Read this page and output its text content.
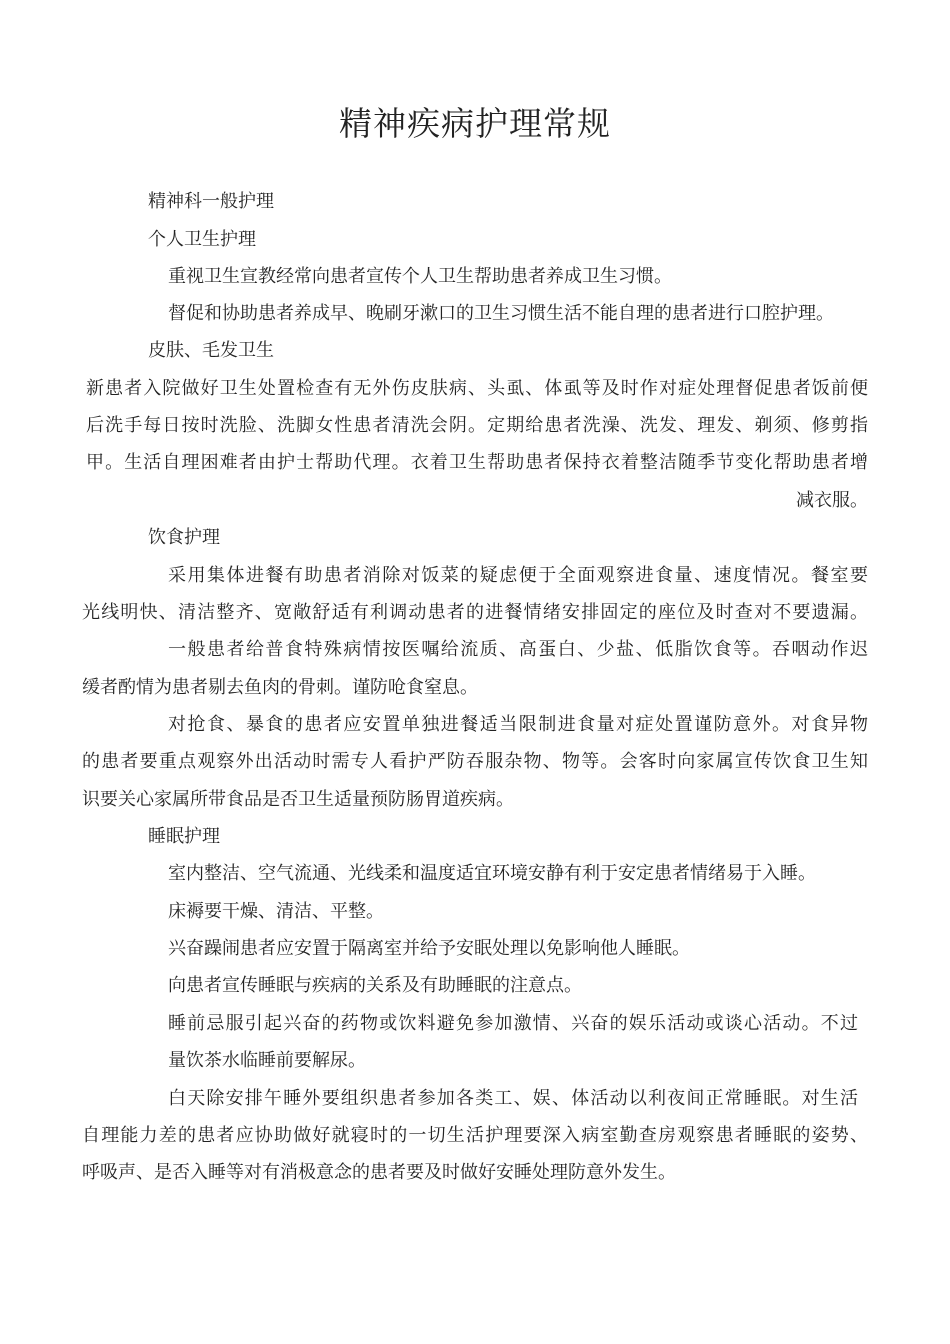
精神疾病护理常规
精神科一般护理
个人卫生护理
重视卫生宣教经常向患者宣传个人卫生帮助患者养成卫生习惯。
督促和协助患者养成早、晚刷牙漱口的卫生习惯生活不能自理的患者进行口腔护理。
皮肤、毛发卫生
新患者入院做好卫生处置检查有无外伤皮肤病、头虱、体虱等及时作对症处理督促患者饭前便
后洗手每日按时洗脸、洗脚女性患者清洗会阴。定期给患者洗澡、洗发、理发、剃须、修剪指
甲。生活自理困难者由护士帮助代理。衣着卫生帮助患者保持衣着整洁随季节变化帮助患者增
减衣服。
饮食护理
采用集体进餐有助患者消除对饭菜的疑虑便于全面观察进食量、速度情况。餐室要
光线明快、清洁整齐、宽敞舒适有利调动患者的进餐情绪安排固定的座位及时查对不要遗漏。
一般患者给普食特殊病情按医嘱给流质、高蛋白、少盐、低脂饮食等。吞咽动作迟
缓者酌情为患者剔去鱼肉的骨刺。谨防呛食窒息。
对抢食、暴食的患者应安置单独进餐适当限制进食量对症处置谨防意外。对食异物
的患者要重点观察外出活动时需专人看护严防吞服杂物、物等。会客时向家属宣传饮食卫生知
识要关心家属所带食品是否卫生适量预防肠胃道疾病。
睡眠护理
室内整洁、空气流通、光线柔和温度适宜环境安静有利于安定患者情绪易于入睡。
床褥要干燥、清洁、平整。
兴奋躁闹患者应安置于隔离室并给予安眠处理以免影响他人睡眠。
向患者宣传睡眠与疾病的关系及有助睡眠的注意点。
睡前忌服引起兴奋的药物或饮料避免参加激情、兴奋的娱乐活动或谈心活动。不过
量饮茶水临睡前要解尿。
白天除安排午睡外要组织患者参加各类工、娱、体活动以利夜间正常睡眠。对生活
自理能力差的患者应协助做好就寝时的一切生活护理要深入病室勤查房观察患者睡眠的姿势、
呼吸声、是否入睡等对有消极意念的患者要及时做好安睡处理防意外发生。
